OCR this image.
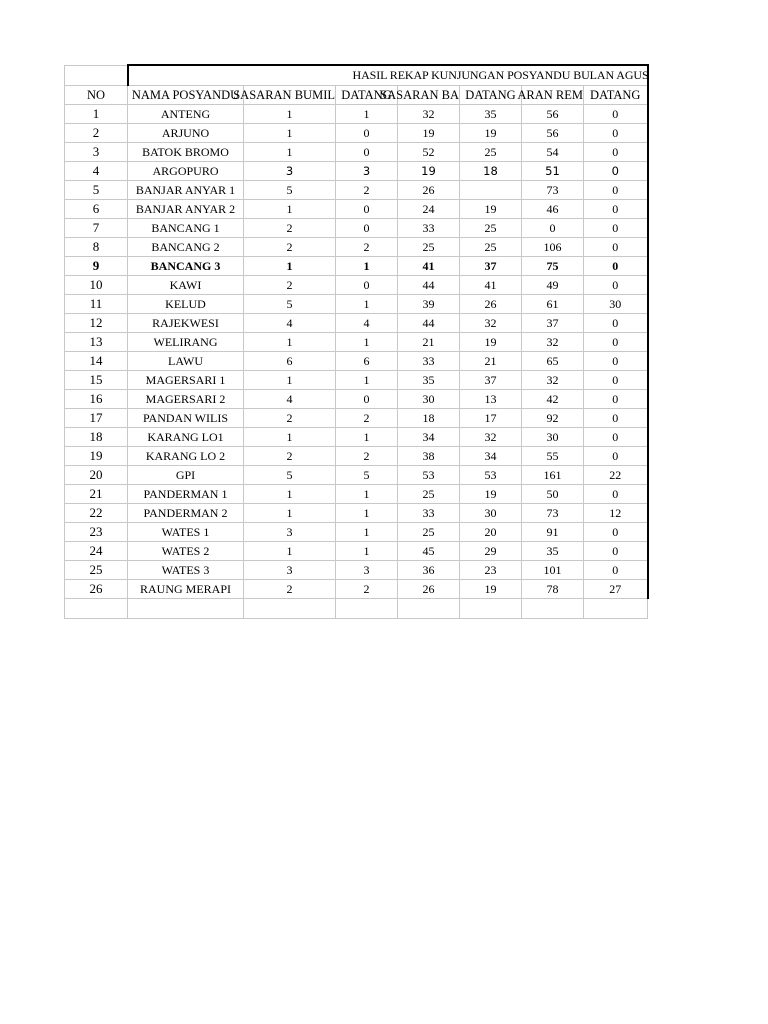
	HASIL REKAP KUNJUNGAN POSYANDU BULAN AGUS						
NO	NAMA POSYANDU	SASARAN BUMIL	DATANG	SASARAN BA	DATANG	ARAN REM	DATANG
1	ANTENG	1	1	32	35	56	0
2	ARJUNO	1	0	19	19	56	0
3	BATOK BROMO	1	0	52	25	54	0
4	ARGOPURO	3	3	19	18	51	0
5	BANJAR ANYAR 1	5	2	26		73	0
6	BANJAR ANYAR 2	1	0	24	19	46	0
7	BANCANG 1	2	0	33	25	0	0
8	BANCANG 2	2	2	25	25	106	0
9	BANCANG 3	1	1	41	37	75	0
10	KAWI	2	0	44	41	49	0
11	KELUD	5	1	39	26	61	30
12	RAJEKWESI	4	4	44	32	37	0
13	WELIRANG	1	1	21	19	32	0
14	LAWU	6	6	33	21	65	0
15	MAGERSARI 1	1	1	35	37	32	0
16	MAGERSARI 2	4	0	30	13	42	0
17	PANDAN WILIS	2	2	18	17	92	0
18	KARANG LO1	1	1	34	32	30	0
19	KARANG LO 2	2	2	38	34	55	0
20	GPI	5	5	53	53	161	22
21	PANDERMAN 1	1	1	25	19	50	0
22	PANDERMAN 2	1	1	33	30	73	12
23	WATES 1	3	1	25	20	91	0
24	WATES 2	1	1	45	29	35	0
25	WATES 3	3	3	36	23	101	0
26	RAUNG MERAPI	2	2	26	19	78	27
